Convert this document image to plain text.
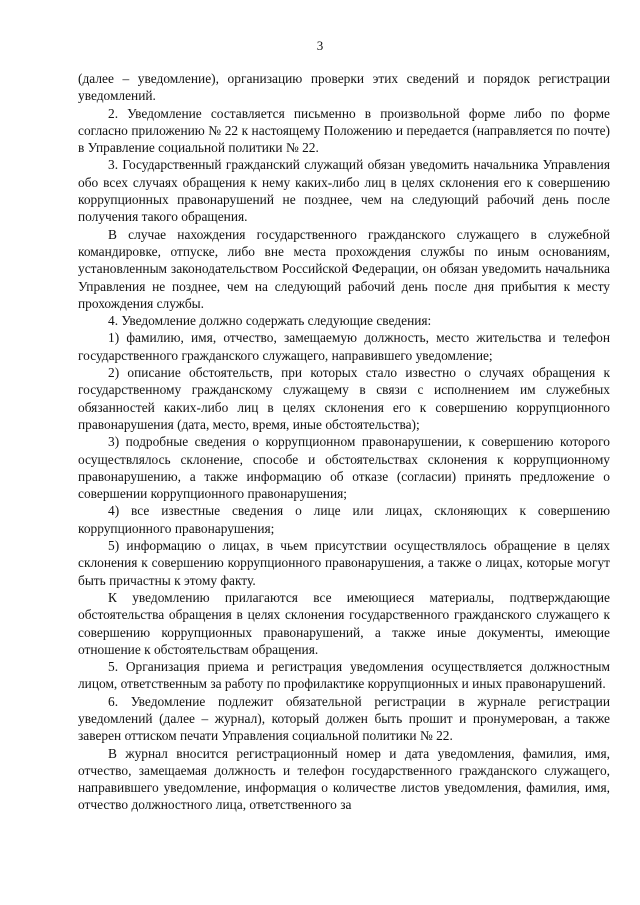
3

(далее – уведомление), организацию проверки этих сведений и порядок регистрации уведомлений.

2. Уведомление составляется письменно в произвольной форме либо по форме согласно приложению № 22 к настоящему Положению и передается (направляется по почте) в Управление социальной политики № 22.

3. Государственный гражданский служащий обязан уведомить начальника Управления обо всех случаях обращения к нему каких-либо лиц в целях склонения его к совершению коррупционных правонарушений не позднее, чем на следующий рабочий день после получения такого обращения.

В случае нахождения государственного гражданского служащего в служебной командировке, отпуске, либо вне места прохождения службы по иным основаниям, установленным законодательством Российской Федерации, он обязан уведомить начальника Управления не позднее, чем на следующий рабочий день после дня прибытия к месту прохождения службы.

4. Уведомление должно содержать следующие сведения:

1) фамилию, имя, отчество, замещаемую должность, место жительства и телефон государственного гражданского служащего, направившего уведомление;

2) описание обстоятельств, при которых стало известно о случаях обращения к государственному гражданскому служащему в связи с исполнением им служебных обязанностей каких-либо лиц в целях склонения его к совершению коррупционного правонарушения (дата, место, время, иные обстоятельства);

3) подробные сведения о коррупционном правонарушении, к совершению которого осуществлялось склонение, способе и обстоятельствах склонения к коррупционному правонарушению, а также информацию об отказе (согласии) принять предложение о совершении коррупционного правонарушения;

4) все известные сведения о лице или лицах, склоняющих к совершению коррупционного правонарушения;

5) информацию о лицах, в чьем присутствии осуществлялось обращение в целях склонения к совершению коррупционного правонарушения, а также о лицах, которые могут быть причастны к этому факту.

К уведомлению прилагаются все имеющиеся материалы, подтверждающие обстоятельства обращения в целях склонения государственного гражданского служащего к совершению коррупционных правонарушений, а также иные документы, имеющие отношение к обстоятельствам обращения.

5. Организация приема и регистрация уведомления осуществляется должностным лицом, ответственным за работу по профилактике коррупционных и иных правонарушений.

6. Уведомление подлежит обязательной регистрации в журнале регистрации уведомлений (далее – журнал), который должен быть прошит и пронумерован, а также заверен оттиском печати Управления социальной политики № 22.

В журнал вносится регистрационный номер и дата уведомления, фамилия, имя, отчество, замещаемая должность и телефон государственного гражданского служащего, направившего уведомление, информация о количестве листов уведомления, фамилия, имя, отчество должностного лица, ответственного за
